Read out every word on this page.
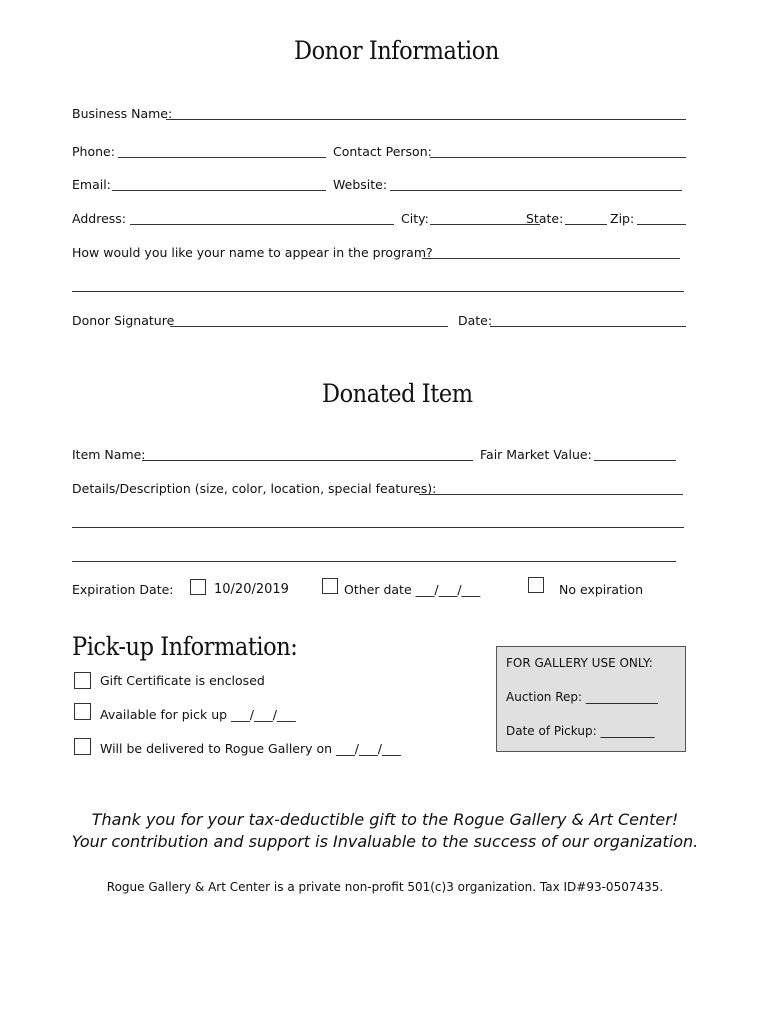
Donor Information
Business Name:
Phone:	Contact Person:
Email:	Website:
Address:	City:	State:	Zip:
How would you like your name to appear in the program?
Donor Signature	Date:
Donated Item
Item Name:	Fair Market Value:
Details/Description (size, color, location, special features):
Expiration Date:	10/20/2019	Other date ___/___/___	No expiration
Pick-up Information:
Gift Certificate is enclosed
Available for pick up ___/___/___
Will be delivered to Rogue Gallery on ___/___/___
FOR GALLERY USE ONLY:
Auction Rep: ____________
Date of Pickup: _________
Thank you for your tax-deductible gift to the Rogue Gallery & Art Center!
Your contribution and support is Invaluable to the success of our organization.
Rogue Gallery & Art Center is a private non-profit 501(c)3 organization. Tax ID#93-0507435.
